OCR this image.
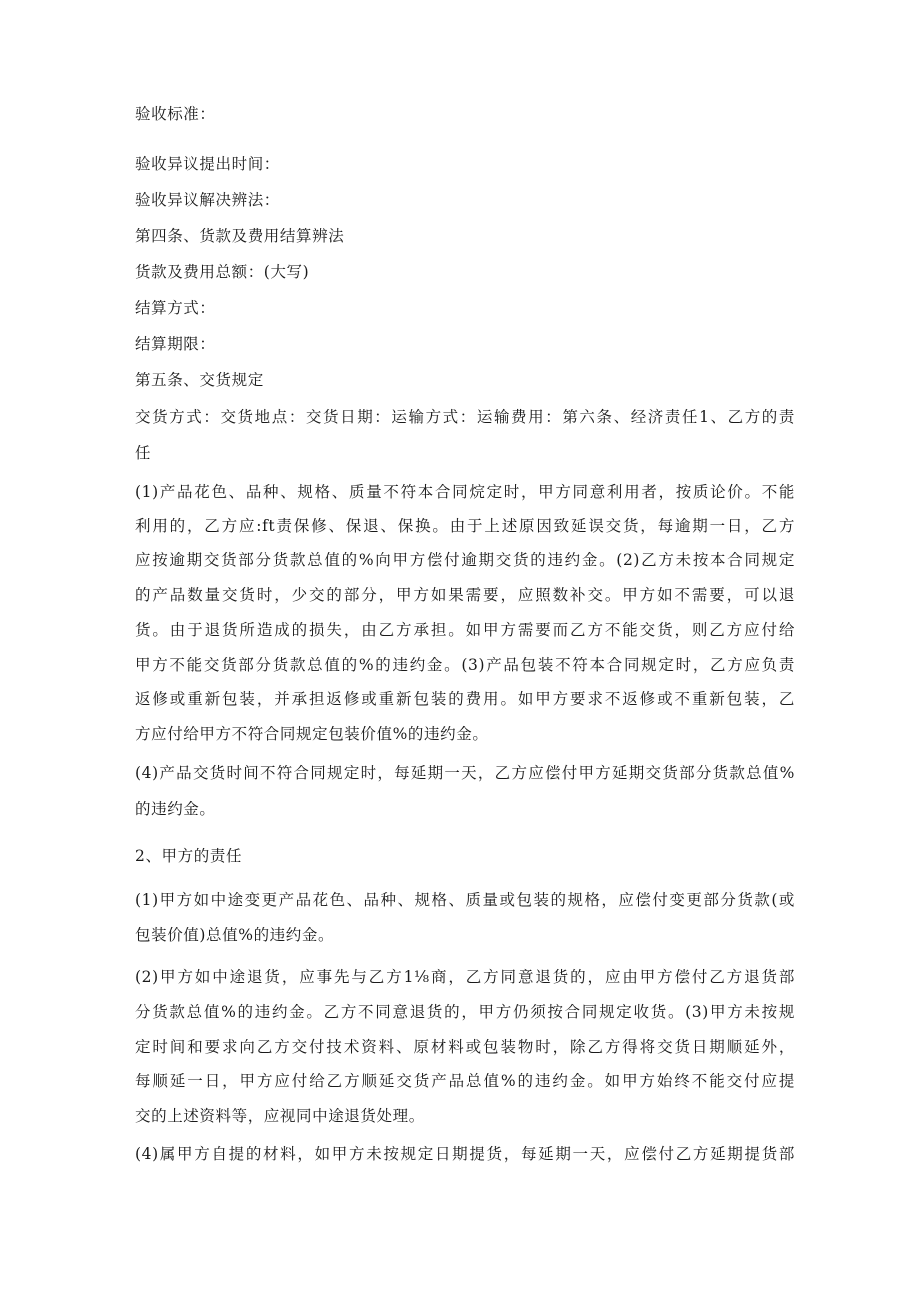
验收标准：
验收异议提出时间：
验收异议解决辨法：
第四条、货款及费用结算辨法
货款及费用总额：(大写)
结算方式：
结算期限：
第五条、交货规定
交货方式：交货地点：交货日期：运输方式：运输费用：第六条、经济责任1、乙方的责
任
(1)产品花色、品种、规格、质量不符本合同烷定时，甲方同意利用者，按质论价。不能
利用的，乙方应:ft责保修、保退、保换。由于上述原因致延误交货，每逾期一日，乙方
应按逾期交货部分货款总值的%向甲方偿付逾期交货的违约金。(2)乙方未按本合同规定
的产品数量交货时，少交的部分，甲方如果需要，应照数补交。甲方如不需要，可以退
货。由于退货所造成的损失，由乙方承担。如甲方需要而乙方不能交货，则乙方应付给
甲方不能交货部分货款总值的%的违约金。(3)产品包装不符本合同规定时，乙方应负责
返修或重新包装，并承担返修或重新包装的费用。如甲方要求不返修或不重新包装，乙
方应付给甲方不符合同规定包装价值%的违约金。
(4)产品交货时间不符合同规定时，每延期一天，乙方应偿付甲方延期交货部分货款总值%
的违约金。
2、甲方的责任
(1)甲方如中途变更产品花色、品种、规格、质量或包装的规格，应偿付变更部分货款(或
包装价值)总值%的违约金。
(2)甲方如中途退货，应事先与乙方1⅛商，乙方同意退货的，应由甲方偿付乙方退货部
分货款总值%的违约金。乙方不同意退货的，甲方仍须按合同规定收货。(3)甲方未按规
定时间和要求向乙方交付技术资料、原材料或包装物时，除乙方得将交货日期顺延外，
每顺延一日，甲方应付给乙方顺延交货产品总值%的违约金。如甲方始终不能交付应提
交的上述资料等，应视同中途退货处理。
(4)属甲方自提的材料，如甲方未按规定日期提货，每延期一天，应偿付乙方延期提货部
